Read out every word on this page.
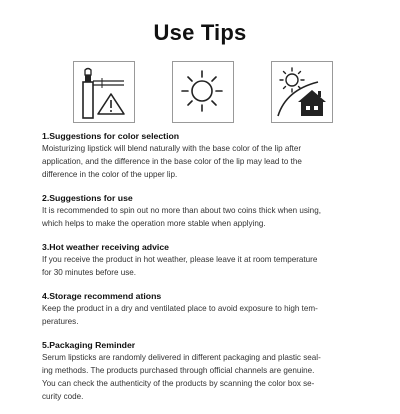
Use Tips
1.Suggestions for color selection
Moisturizing lipstick will blend naturally with the base color of the lip after
application, and the difference in the base color of the lip may lead to the
difference in the color of the upper lip.
2.Suggestions for use
It is recommended to spin out no more than about two coins thick when using,
which helps to make the operation more stable when applying.
3.Hot weather receiving advice
If you receive the product in hot weather, please leave it at room temperature
for 30 minutes before use.
4.Storage recommend ations
Keep the product in a dry and ventilated place to avoid exposure to high tem-
peratures.
5.Packaging Reminder
Serum lipsticks are randomly delivered in different packaging and plastic seal-
ing methods. The products purchased through official channels are genuine.
You can check the authenticity of the products by scanning the color box se-
curity code.
